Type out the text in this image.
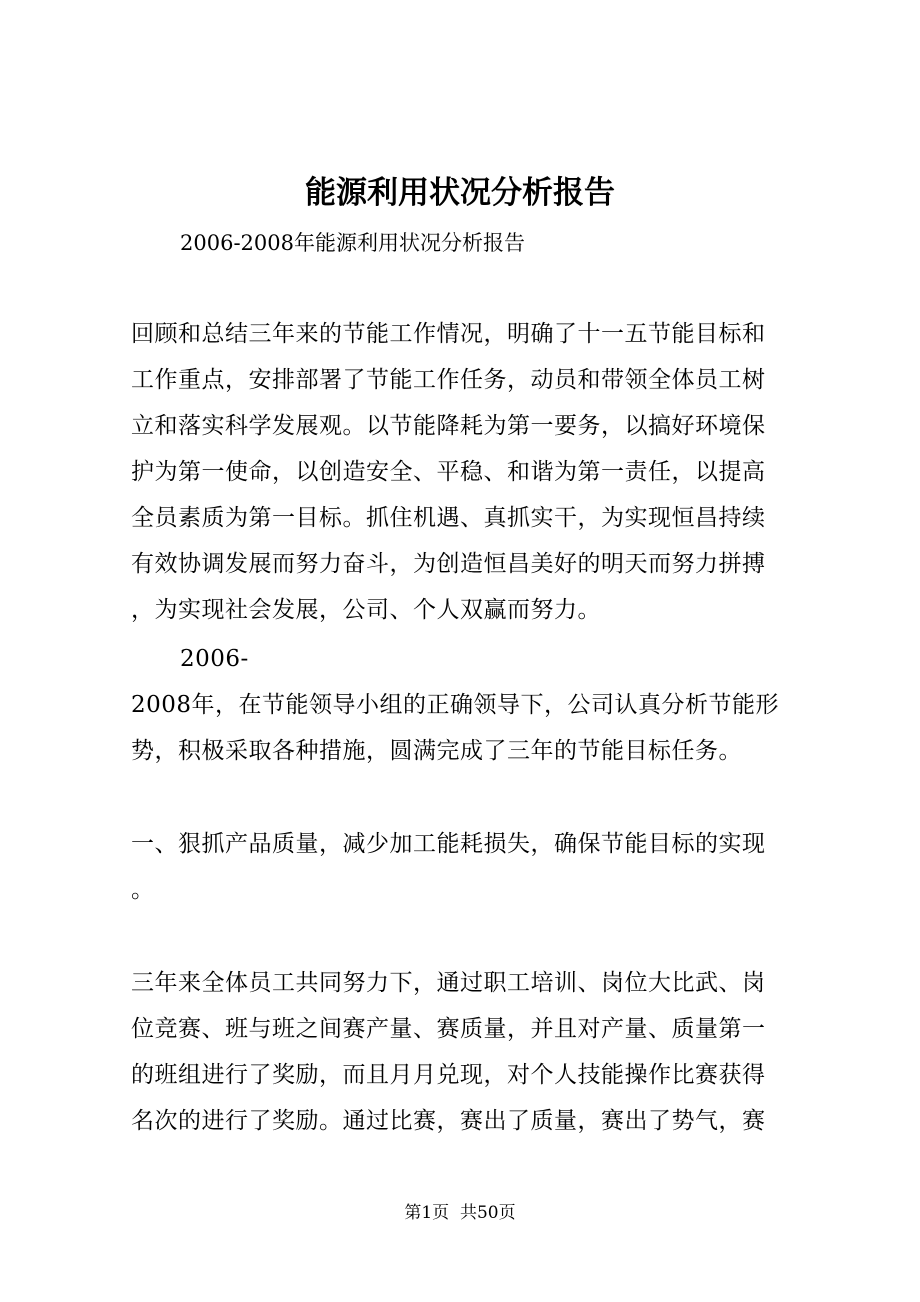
能源利用状况分析报告
2006-2008年能源利用状况分析报告
回顾和总结三年来的节能工作情况，明确了十一五节能目标和
工作重点，安排部署了节能工作任务，动员和带领全体员工树
立和落实科学发展观。以节能降耗为第一要务，以搞好环境保
护为第一使命，以创造安全、平稳、和谐为第一责任，以提高
全员素质为第一目标。抓住机遇、真抓实干，为实现恒昌持续
有效协调发展而努力奋斗，为创造恒昌美好的明天而努力拼搏
，为实现社会发展，公司、个人双赢而努力。
2006-
2008年，在节能领导小组的正确领导下，公司认真分析节能形
势，积极采取各种措施，圆满完成了三年的节能目标任务。
一、狠抓产品质量，减少加工能耗损失，确保节能目标的实现
。
三年来全体员工共同努力下，通过职工培训、岗位大比武、岗
位竞赛、班与班之间赛产量、赛质量，并且对产量、质量第一
的班组进行了奖励，而且月月兑现，对个人技能操作比赛获得
名次的进行了奖励。通过比赛，赛出了质量，赛出了势气，赛
第1页  共50页
